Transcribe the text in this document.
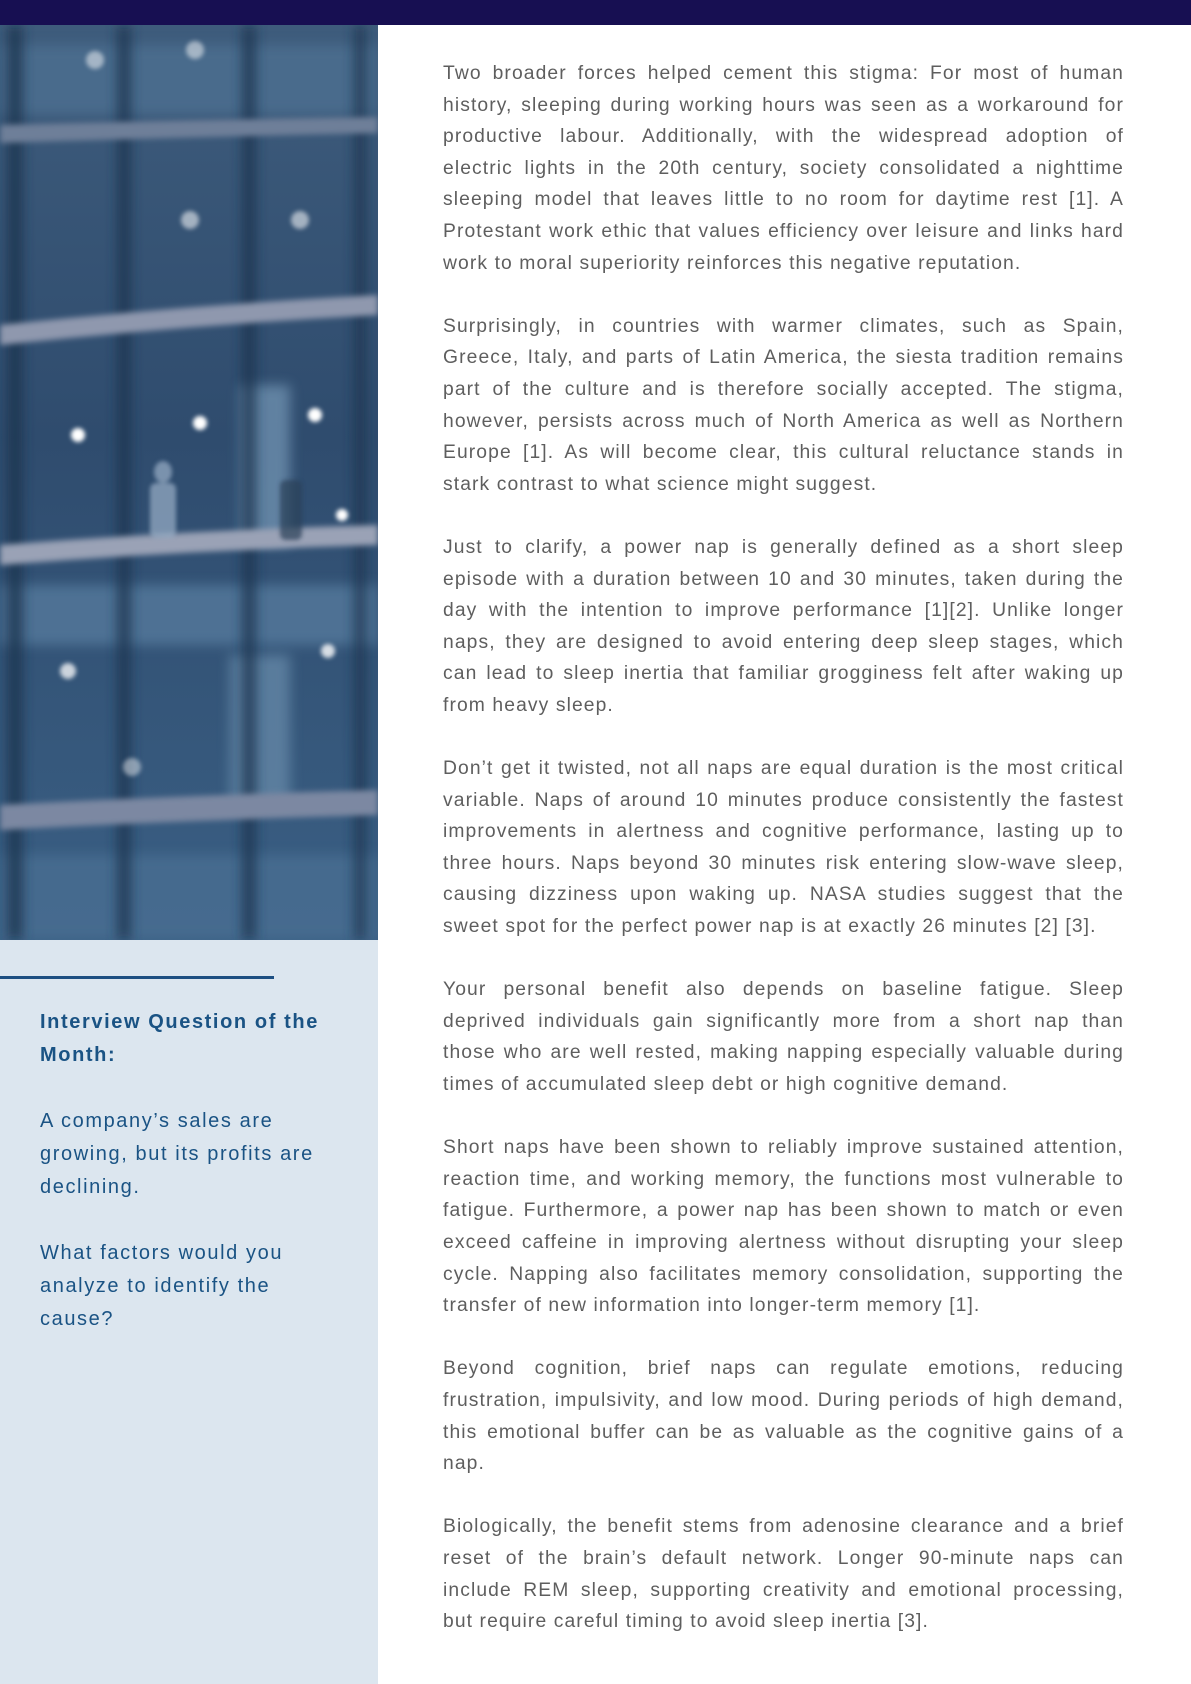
Interview Question of the Month:

A company’s sales are growing, but its profits are declining.

What factors would you analyze to identify the cause?

Two broader forces helped cement this stigma: For most of human history, sleeping during working hours was seen as a workaround for productive labour. Additionally, with the widespread adoption of electric lights in the 20th century, society consolidated a nighttime sleeping model that leaves little to no room for daytime rest [1]. A Protestant work ethic that values efficiency over leisure and links hard work to moral superiority reinforces this negative reputation.

Surprisingly, in countries with warmer climates, such as Spain, Greece, Italy, and parts of Latin America, the siesta tradition remains part of the culture and is therefore socially accepted. The stigma, however, persists across much of North America as well as Northern Europe [1]. As will become clear, this cultural reluctance stands in stark contrast to what science might suggest.

Just to clarify, a power nap is generally defined as a short sleep episode with a duration between 10 and 30 minutes, taken during the day with the intention to improve performance [1][2]. Unlike longer naps, they are designed to avoid entering deep sleep stages, which can lead to sleep inertia that familiar grogginess felt after waking up from heavy sleep.

Don’t get it twisted, not all naps are equal duration is the most critical variable. Naps of around 10 minutes produce consistently the fastest improvements in alertness and cognitive performance, lasting up to three hours. Naps beyond 30 minutes risk entering slow-wave sleep, causing dizziness upon waking up. NASA studies suggest that the sweet spot for the perfect power nap is at exactly 26 minutes [2] [3].

Your personal benefit also depends on baseline fatigue. Sleep deprived individuals gain significantly more from a short nap than those who are well rested, making napping especially valuable during times of accumulated sleep debt or high cognitive demand.

Short naps have been shown to reliably improve sustained attention, reaction time, and working memory, the functions most vulnerable to fatigue. Furthermore, a power nap has been shown to match or even exceed caffeine in improving alertness without disrupting your sleep cycle. Napping also facilitates memory consolidation, supporting the transfer of new information into longer-term memory [1].

Beyond cognition, brief naps can regulate emotions, reducing frustration, impulsivity, and low mood. During periods of high demand, this emotional buffer can be as valuable as the cognitive gains of a nap.

Biologically, the benefit stems from adenosine clearance and a brief reset of the brain’s default network. Longer 90-minute naps can include REM sleep, supporting creativity and emotional processing, but require careful timing to avoid sleep inertia [3].
